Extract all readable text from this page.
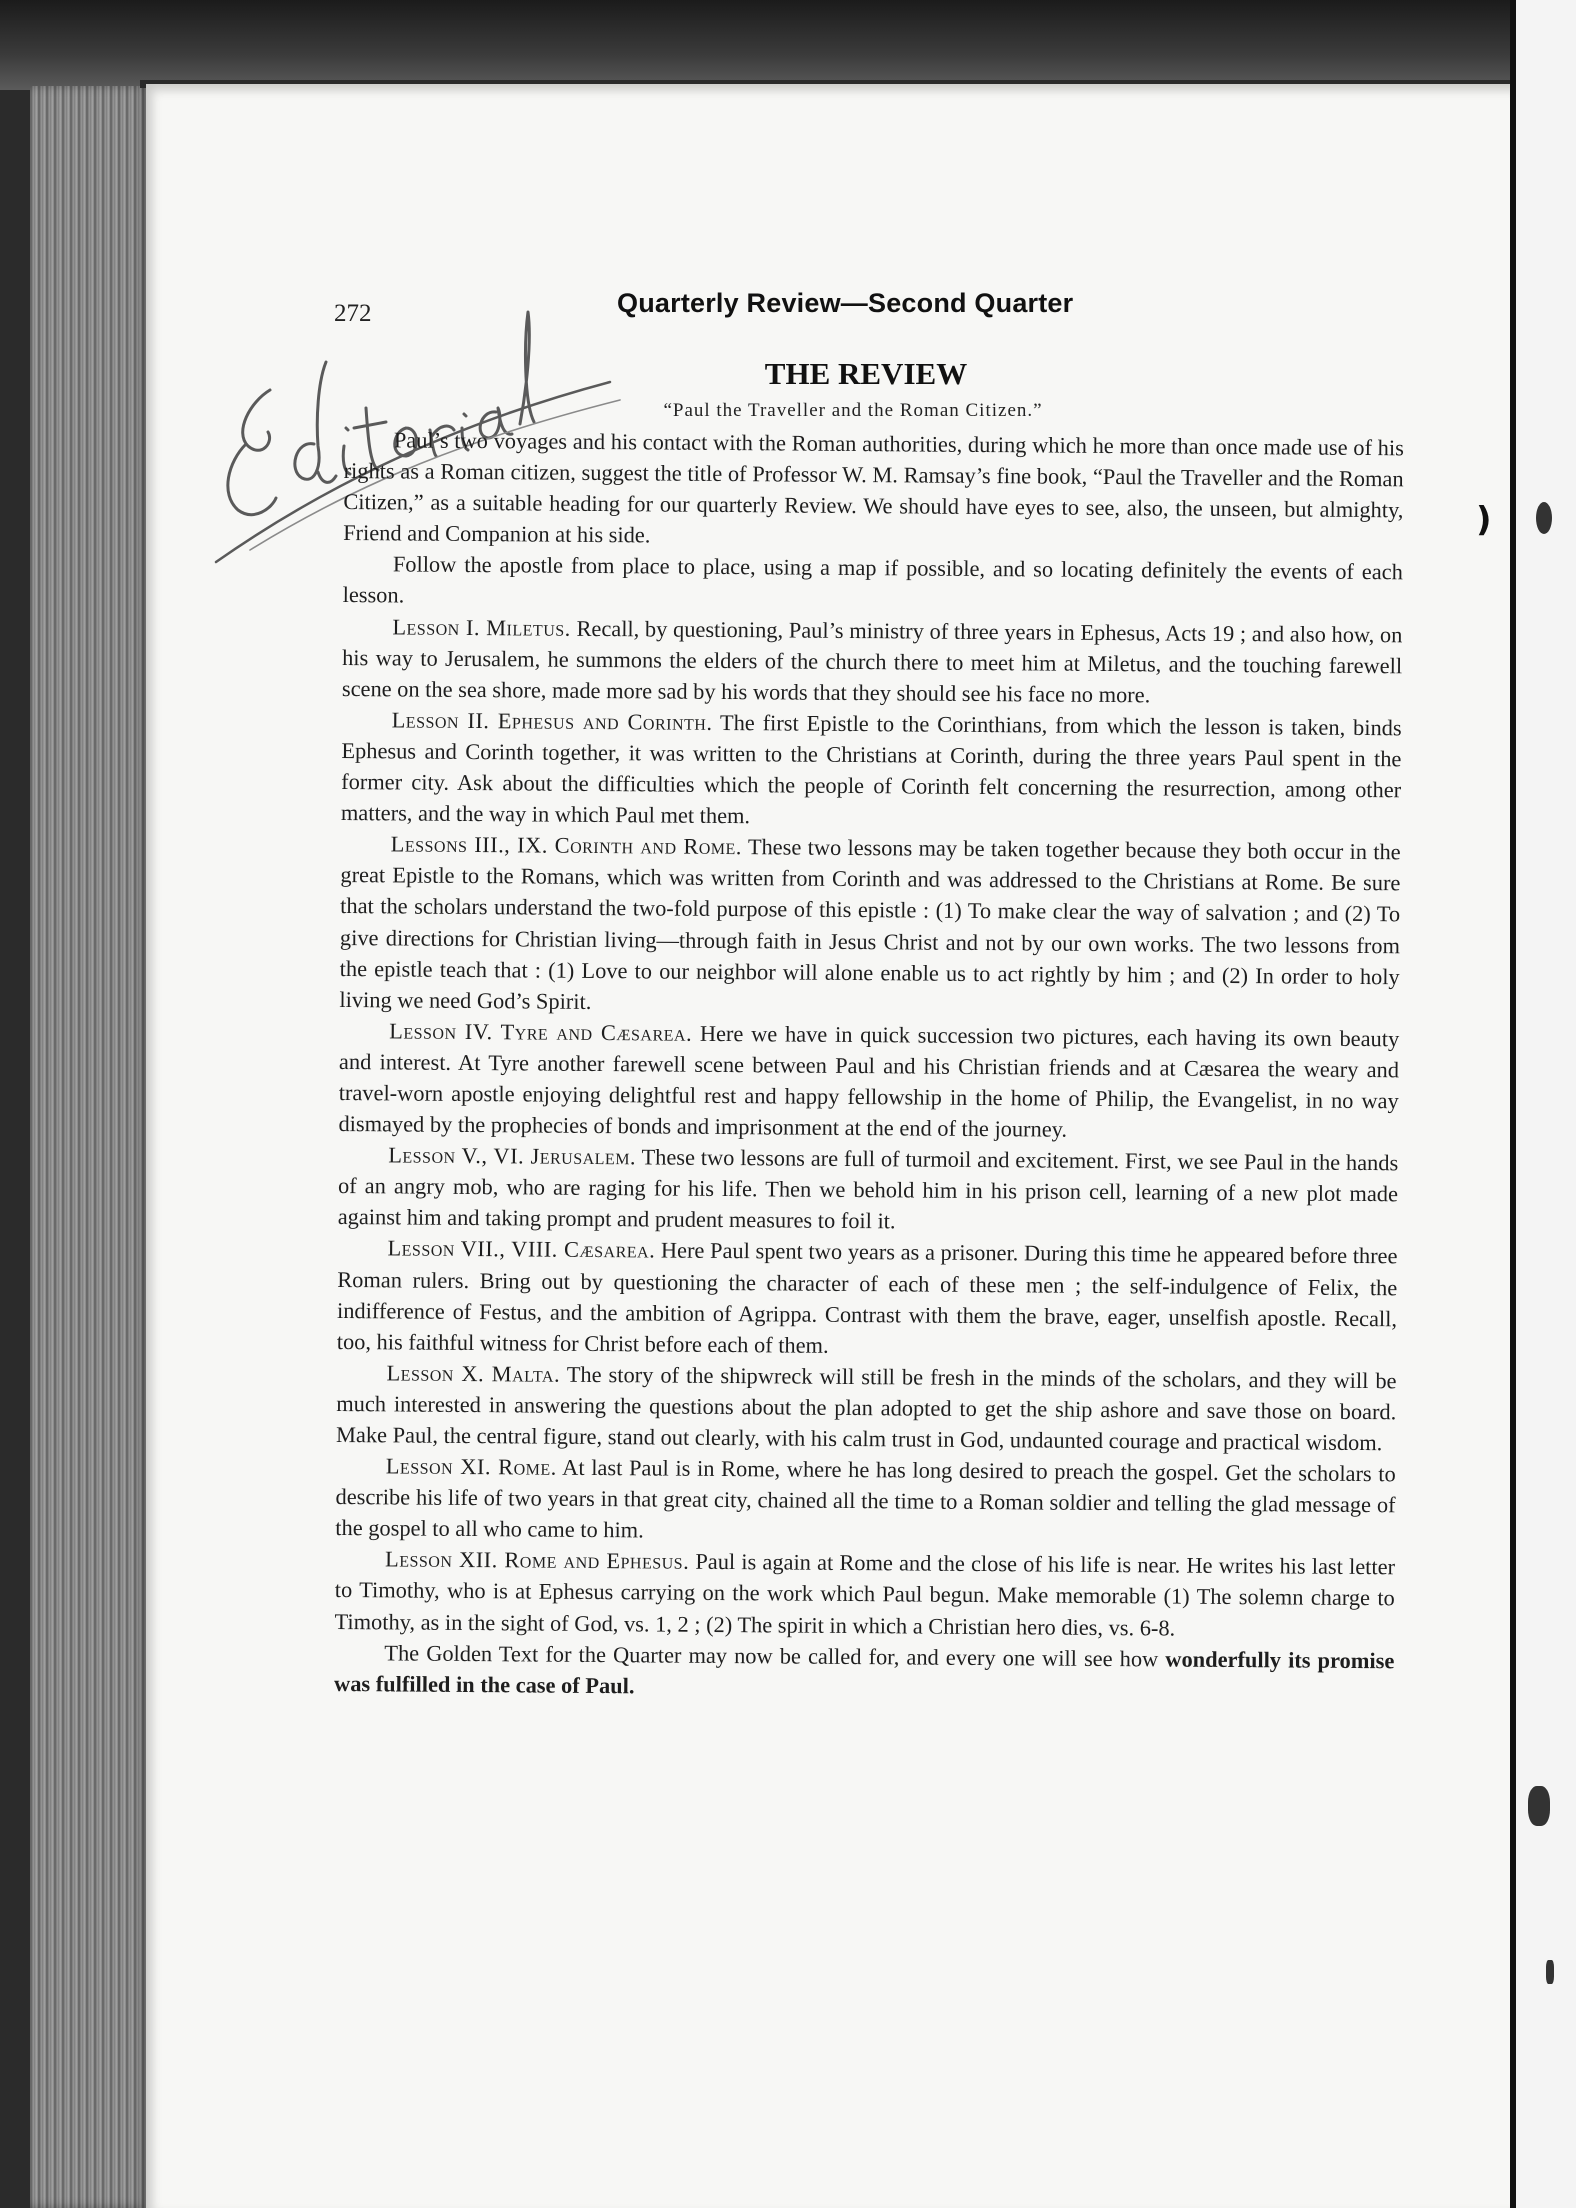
)
272	Quarterly Review—Second Quarter
THE REVIEW
“Paul the Traveller and the Roman Citizen.”

Paul’s two voyages and his contact with the Roman authorities, during which he more than once made use of his rights as a Roman citizen, suggest the title of Professor W. M. Ramsay’s fine book, “Paul the Traveller and the Roman Citizen,” as a suitable heading for our quarterly Review. We should have eyes to see, also, the unseen, but almighty, Friend and Companion at his side.

Follow the apostle from place to place, using a map if possible, and so locating definitely the events of each lesson.

Lesson I. Miletus. Recall, by questioning, Paul’s ministry of three years in Ephesus, Acts 19 ; and also how, on his way to Jerusalem, he summons the elders of the church there to meet him at Miletus, and the touching farewell scene on the sea shore, made more sad by his words that they should see his face no more.

Lesson II. Ephesus and Corinth. The first Epistle to the Corinthians, from which the lesson is taken, binds Ephesus and Corinth together, it was written to the Christians at Corinth, during the three years Paul spent in the former city. Ask about the difficulties which the people of Corinth felt concerning the resurrection, among other matters, and the way in which Paul met them.

Lessons III., IX. Corinth and Rome. These two lessons may be taken together because they both occur in the great Epistle to the Romans, which was written from Corinth and was addressed to the Christians at Rome. Be sure that the scholars understand the two-fold purpose of this epistle : (1) To make clear the way of salvation ; and (2) To give directions for Christian living—through faith in Jesus Christ and not by our own works. The two lessons from the epistle teach that : (1) Love to our neighbor will alone enable us to act rightly by him ; and (2) In order to holy living we need God’s Spirit.

Lesson IV. Tyre and Cæsarea. Here we have in quick succession two pictures, each having its own beauty and interest. At Tyre another farewell scene between Paul and his Christian friends and at Cæsarea the weary and travel-worn apostle enjoying delightful rest and happy fellowship in the home of Philip, the Evangelist, in no way dismayed by the prophecies of bonds and imprisonment at the end of the journey.

Lesson V., VI. Jerusalem. These two lessons are full of turmoil and excitement. First, we see Paul in the hands of an angry mob, who are raging for his life. Then we behold him in his prison cell, learning of a new plot made against him and taking prompt and prudent measures to foil it.

Lesson VII., VIII. Cæsarea. Here Paul spent two years as a prisoner. During this time he appeared before three Roman rulers. Bring out by questioning the character of each of these men ; the self-indulgence of Felix, the indifference of Festus, and the ambition of Agrippa. Contrast with them the brave, eager, unselfish apostle. Recall, too, his faithful witness for Christ before each of them.

Lesson X. Malta. The story of the shipwreck will still be fresh in the minds of the scholars, and they will be much interested in answering the questions about the plan adopted to get the ship ashore and save those on board. Make Paul, the central figure, stand out clearly, with his calm trust in God, undaunted courage and practical wisdom.

Lesson XI. Rome. At last Paul is in Rome, where he has long desired to preach the gospel. Get the scholars to describe his life of two years in that great city, chained all the time to a Roman soldier and telling the glad message of the gospel to all who came to him.

Lesson XII. Rome and Ephesus. Paul is again at Rome and the close of his life is near. He writes his last letter to Timothy, who is at Ephesus carrying on the work which Paul begun. Make memorable (1) The solemn charge to Timothy, as in the sight of God, vs. 1, 2 ; (2) The spirit in which a Christian hero dies, vs. 6-8.

The Golden Text for the Quarter may now be called for, and every one will see how wonderfully its promise was fulfilled in the case of Paul.
